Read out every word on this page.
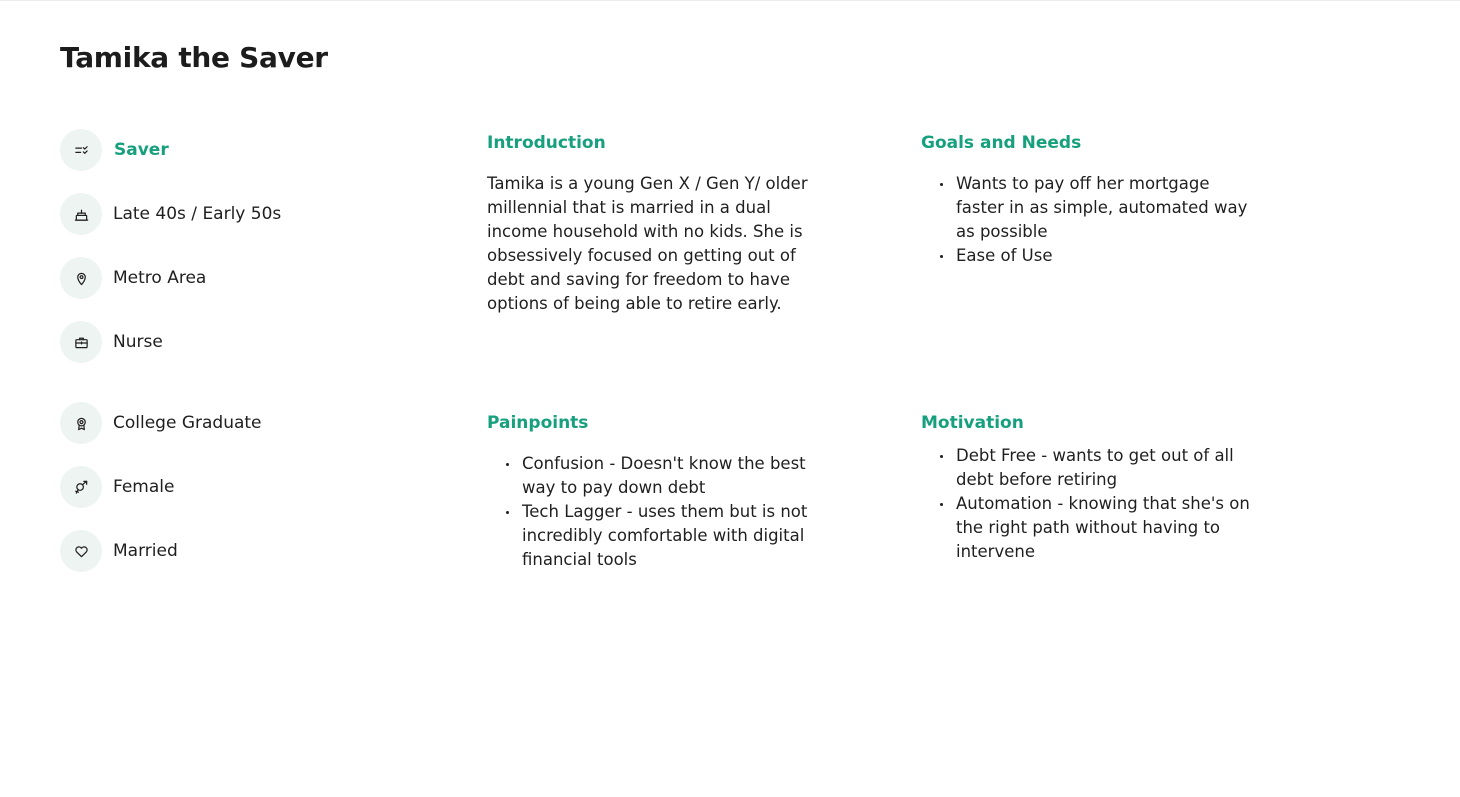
Tamika the Saver
Saver
Late 40s / Early 50s
Metro Area
Nurse
College Graduate
Female
Married
Introduction

Tamika is a young Gen X / Gen Y/ older millennial that is married in a dual income household with no kids. She is obsessively focused on getting out of debt and saving for freedom to have options of being able to retire early.

Goals and Needs
Wants to pay off her mortgage faster in as simple, automated way as possible
Ease of Use
Painpoints
Confusion - Doesn't know the best way to pay down debt
Tech Lagger - uses them but is not incredibly comfortable with digital financial tools
Motivation
Debt Free - wants to get out of all debt before retiring
Automation - knowing that she's on the right path without having to intervene
